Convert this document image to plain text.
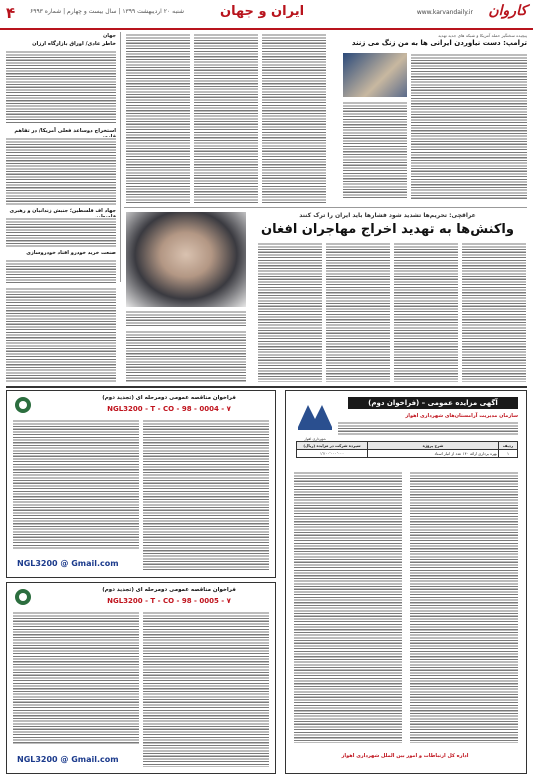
۴ شنبه ۲۰ اردیبهشت ۱۳۹۹ | سال بیست و چهارم | شماره ۶۹۹۳	ایران و جهان	www.karvandaily.ir کاروان
پیچیده سختگیر حمله آمریکا و شبکه های جدید تهدید
ترامپ: دست نیاوردن ایرانی ها به من زنگ می زنند
جهان
خاطر عادی/ اوراق بازارگاه ارزان
استخراج دوساعد فعلی آمریکا/ در تفاهم
جهاد اف فلسطین؛ جنبش زندانیان و رهبری
صنعت خرید خودرو افتاد خودروسازی
عراقچی: تحریم‌ها تشدید شود فشارها باید ایران را ترک کنند
واکنش‌ها به تهدید اخراج مهاجران افغان
شهرداری اهواز
آگهی مزایده عمومی – (فراخوان دوم)
سازمان مدیریت آرامستان‌های شهرداری اهواز
ردیف	شرح پروژه	سپرده شرکت در مزایده (ریال)
۱	بهره برداری ارائه ۱۴۰ عدد از انبار اسناد	۱٬۲۰۰٬۰۰۰٬۰۰۰
اداره کل ارتباطات و امور بین الملل شهرداری اهواز
فراخوان مناقصه عمومی دومرحله ای (تجدید دوم)
NGL3200 - T - CO - 98 - 0004 - ۷
NGL3200 @ Gmail.com
فراخوان مناقصه عمومی دومرحله ای (تجدید دوم)
NGL3200 - T - CO - 98 - 0005 - ۷
NGL3200 @ Gmail.com
